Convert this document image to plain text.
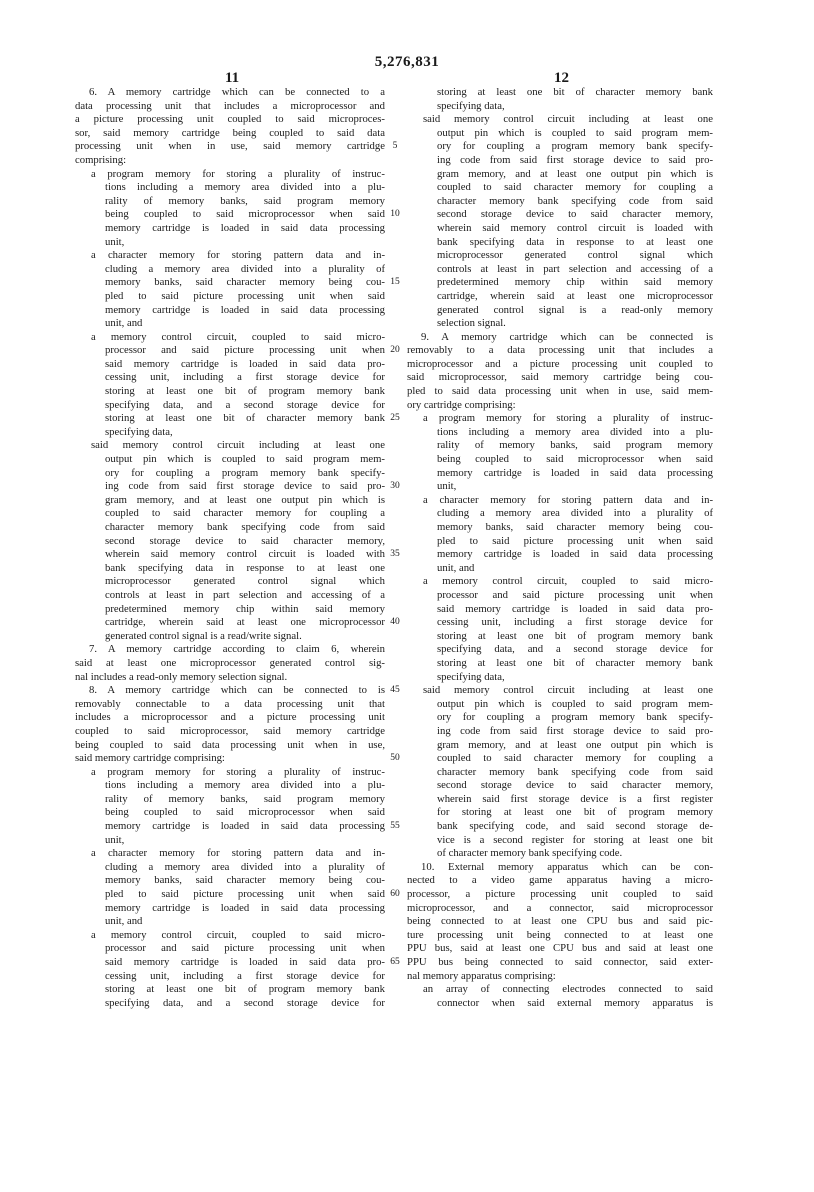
5,276,831
11	12
6. A memory cartridge which can be connected to a
data processing unit that includes a microprocessor and
a picture processing unit coupled to said microproces-
sor, said memory cartridge being coupled to said data
processing unit when in use, said memory cartridge
comprising:
a program memory for storing a plurality of instruc-
tions including a memory area divided into a plu-
rality of memory banks, said program memory
being coupled to said microprocessor when said
memory cartridge is loaded in said data processing
unit,
a character memory for storing pattern data and in-
cluding a memory area divided into a plurality of
memory banks, said character memory being cou-
pled to said picture processing unit when said
memory cartridge is loaded in said data processing
unit, and
a memory control circuit, coupled to said micro-
processor and said picture processing unit when
said memory cartridge is loaded in said data pro-
cessing unit, including a first storage device for
storing at least one bit of program memory bank
specifying data, and a second storage device for
storing at least one bit of character memory bank
specifying data,
said memory control circuit including at least one
output pin which is coupled to said program mem-
ory for coupling a program memory bank specify-
ing code from said first storage device to said pro-
gram memory, and at least one output pin which is
coupled to said character memory for coupling a
character memory bank specifying code from said
second storage device to said character memory,
wherein said memory control circuit is loaded with
bank specifying data in response to at least one
microprocessor generated control signal which
controls at least in part selection and accessing of a
predetermined memory chip within said memory
cartridge, wherein said at least one microprocessor
generated control signal is a read/write signal.
7. A memory cartridge according to claim 6, wherein
said at least one microprocessor generated control sig-
nal includes a read-only memory selection signal.
8. A memory cartridge which can be connected to is
removably connectable to a data processing unit that
includes a microprocessor and a picture processing unit
coupled to said microprocessor, said memory cartridge
being coupled to said data processing unit when in use,
said memory cartridge comprising:
a program memory for storing a plurality of instruc-
tions including a memory area divided into a plu-
rality of memory banks, said program memory
being coupled to said microprocessor when said
memory cartridge is loaded in said data processing
unit,
a character memory for storing pattern data and in-
cluding a memory area divided into a plurality of
memory banks, said character memory being cou-
pled to said picture processing unit when said
memory cartridge is loaded in said data processing
unit, and
a memory control circuit, coupled to said micro-
processor and said picture processing unit when
said memory cartridge is loaded in said data pro-
cessing unit, including a first storage device for
storing at least one bit of program memory bank
specifying data, and a second storage device for
5
10
15
20
25
30
35
40
45
50
55
60
65
storing at least one bit of character memory bank
specifying data,
said memory control circuit including at least one
output pin which is coupled to said program mem-
ory for coupling a program memory bank specify-
ing code from said first storage device to said pro-
gram memory, and at least one output pin which is
coupled to said character memory for coupling a
character memory bank specifying code from said
second storage device to said character memory,
wherein said memory control circuit is loaded with
bank specifying data in response to at least one
microprocessor generated control signal which
controls at least in part selection and accessing of a
predetermined memory chip within said memory
cartridge, wherein said at least one microprocessor
generated control signal is a read-only memory
selection signal.
9. A memory cartridge which can be connected is
removably to a data processing unit that includes a
microprocessor and a picture processing unit coupled to
said microprocessor, said memory cartridge being cou-
pled to said data processing unit when in use, said mem-
ory cartridge comprising:
a program memory for storing a plurality of instruc-
tions including a memory area divided into a plu-
rality of memory banks, said program memory
being coupled to said microprocessor when said
memory cartridge is loaded in said data processing
unit,
a character memory for storing pattern data and in-
cluding a memory area divided into a plurality of
memory banks, said character memory being cou-
pled to said picture processing unit when said
memory cartridge is loaded in said data processing
unit, and
a memory control circuit, coupled to said micro-
processor and said picture processing unit when
said memory cartridge is loaded in said data pro-
cessing unit, including a first storage device for
storing at least one bit of program memory bank
specifying data, and a second storage device for
storing at least one bit of character memory bank
specifying data,
said memory control circuit including at least one
output pin which is coupled to said program mem-
ory for coupling a program memory bank specify-
ing code from said first storage device to said pro-
gram memory, and at least one output pin which is
coupled to said character memory for coupling a
character memory bank specifying code from said
second storage device to said character memory,
wherein said first storage device is a first register
for storing at least one bit of program memory
bank specifying code, and said second storage de-
vice is a second register for storing at least one bit
of character memory bank specifying code.
10. External memory apparatus which can be con-
nected to a video game apparatus having a micro-
processor, a picture processing unit coupled to said
microprocessor, and a connector, said microprocessor
being connected to at least one CPU bus and said pic-
ture processing unit being connected to at least one
PPU bus, said at least one CPU bus and said at least one
PPU bus being connected to said connector, said exter-
nal memory apparatus comprising:
an array of connecting electrodes connected to said
connector when said external memory apparatus is
